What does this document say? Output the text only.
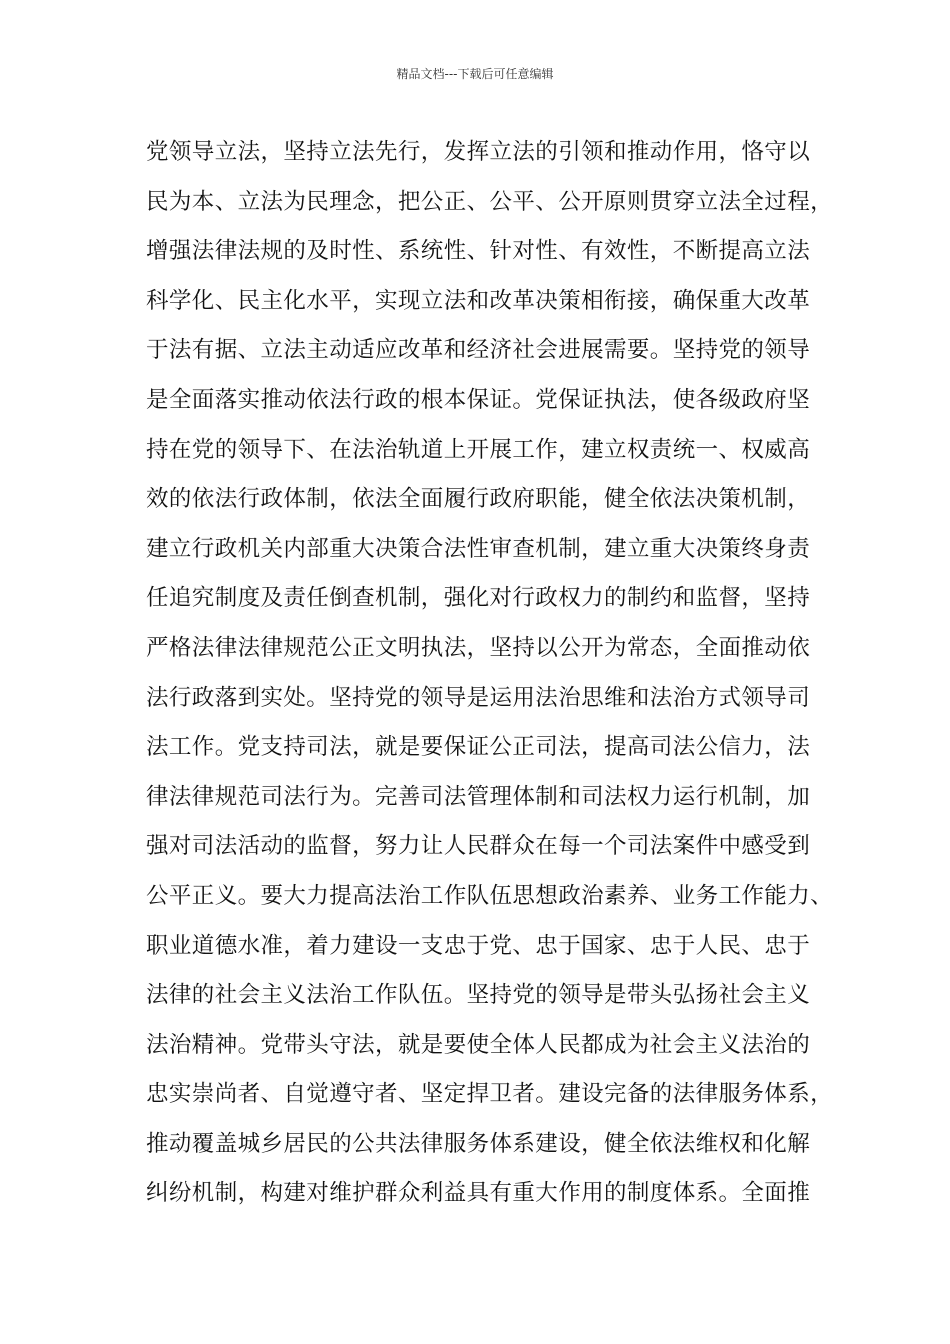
精品文档---下载后可任意编辑
党领导立法，坚持立法先行，发挥立法的引领和推动作用，恪守以
民为本、立法为民理念，把公正、公平、公开原则贯穿立法全过程，
增强法律法规的及时性、系统性、针对性、有效性，不断提高立法
科学化、民主化水平，实现立法和改革决策相衔接，确保重大改革
于法有据、立法主动适应改革和经济社会进展需要。坚持党的领导
是全面落实推动依法行政的根本保证。党保证执法，使各级政府坚
持在党的领导下、在法治轨道上开展工作，建立权责统一、权威高
效的依法行政体制，依法全面履行政府职能，健全依法决策机制，
建立行政机关内部重大决策合法性审查机制，建立重大决策终身责
任追究制度及责任倒查机制，强化对行政权力的制约和监督，坚持
严格法律法律规范公正文明执法，坚持以公开为常态，全面推动依
法行政落到实处。坚持党的领导是运用法治思维和法治方式领导司
法工作。党支持司法，就是要保证公正司法，提高司法公信力，法
律法律规范司法行为。完善司法管理体制和司法权力运行机制，加
强对司法活动的监督，努力让人民群众在每一个司法案件中感受到
公平正义。要大力提高法治工作队伍思想政治素养、业务工作能力、
职业道德水准，着力建设一支忠于党、忠于国家、忠于人民、忠于
法律的社会主义法治工作队伍。坚持党的领导是带头弘扬社会主义
法治精神。党带头守法，就是要使全体人民都成为社会主义法治的
忠实崇尚者、自觉遵守者、坚定捍卫者。建设完备的法律服务体系，
推动覆盖城乡居民的公共法律服务体系建设，健全依法维权和化解
纠纷机制，构建对维护群众利益具有重大作用的制度体系。全面推
